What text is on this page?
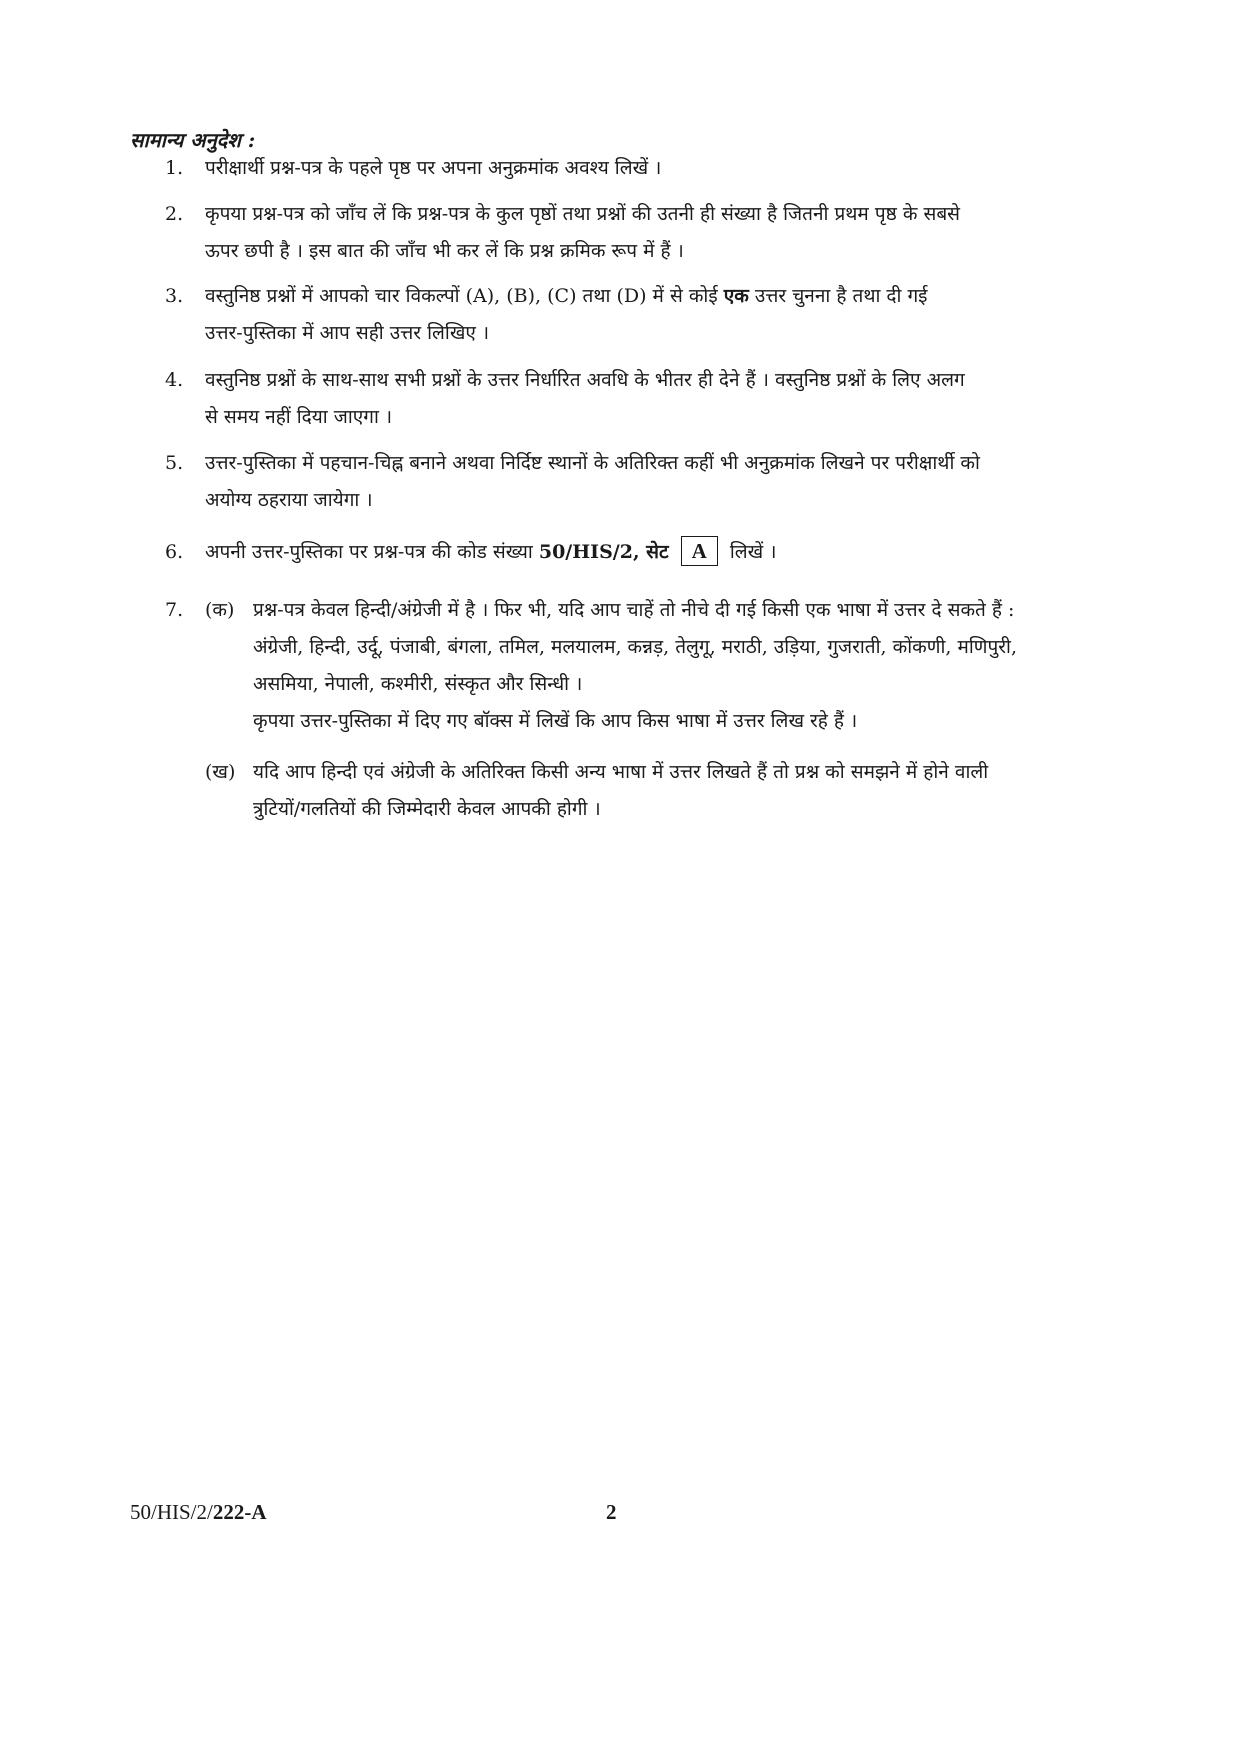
सामान्य अनुदेश :
1.	परीक्षार्थी प्रश्न-पत्र के पहले पृष्ठ पर अपना अनुक्रमांक अवश्य लिखें ।

2.	कृपया प्रश्न-पत्र को जाँच लें कि प्रश्न-पत्र के कुल पृष्ठों तथा प्रश्नों की उतनी ही संख्या है जितनी प्रथम पृष्ठ के सबसे

ऊपर छपी है । इस बात की जाँच भी कर लें कि प्रश्न क्रमिक रूप में हैं ।

3.	वस्तुनिष्ठ प्रश्नों में आपको चार विकल्पों (A), (B), (C) तथा (D) में से कोई एक उत्तर चुनना है तथा दी गई

उत्तर-पुस्तिका में आप सही उत्तर लिखिए ।

4.	वस्तुनिष्ठ प्रश्नों के साथ-साथ सभी प्रश्नों के उत्तर निर्धारित अवधि के भीतर ही देने हैं । वस्तुनिष्ठ प्रश्नों के लिए अलग

से समय नहीं दिया जाएगा ।

5.	उत्तर-पुस्तिका में पहचान-चिह्न बनाने अथवा निर्दिष्ट स्थानों के अतिरिक्त कहीं भी अनुक्रमांक लिखने पर परीक्षार्थी को

अयोग्य ठहराया जायेगा ।

6.	अपनी उत्तर-पुस्तिका पर प्रश्न-पत्र की कोड संख्या 50/HIS/2, सेट A लिखें ।

7.	(क) प्रश्न-पत्र केवल हिन्दी/अंग्रेजी में है । फिर भी, यदि आप चाहें तो नीचे दी गई किसी एक भाषा में उत्तर दे सकते हैं :

अंग्रेजी, हिन्दी, उर्दू, पंजाबी, बंगला, तमिल, मलयालम, कन्नड़, तेलुगू, मराठी, उड़िया, गुजराती, कोंकणी, मणिपुरी,

असमिया, नेपाली, कश्मीरी, संस्कृत और सिन्धी ।

कृपया उत्तर-पुस्तिका में दिए गए बॉक्स में लिखें कि आप किस भाषा में उत्तर लिख रहे हैं ।

(ख) यदि आप हिन्दी एवं अंग्रेजी के अतिरिक्त किसी अन्य भाषा में उत्तर लिखते हैं तो प्रश्न को समझने में होने वाली

त्रुटियों/गलतियों की जिम्मेदारी केवल आपकी होगी ।

50/HIS/2/222-A	2
